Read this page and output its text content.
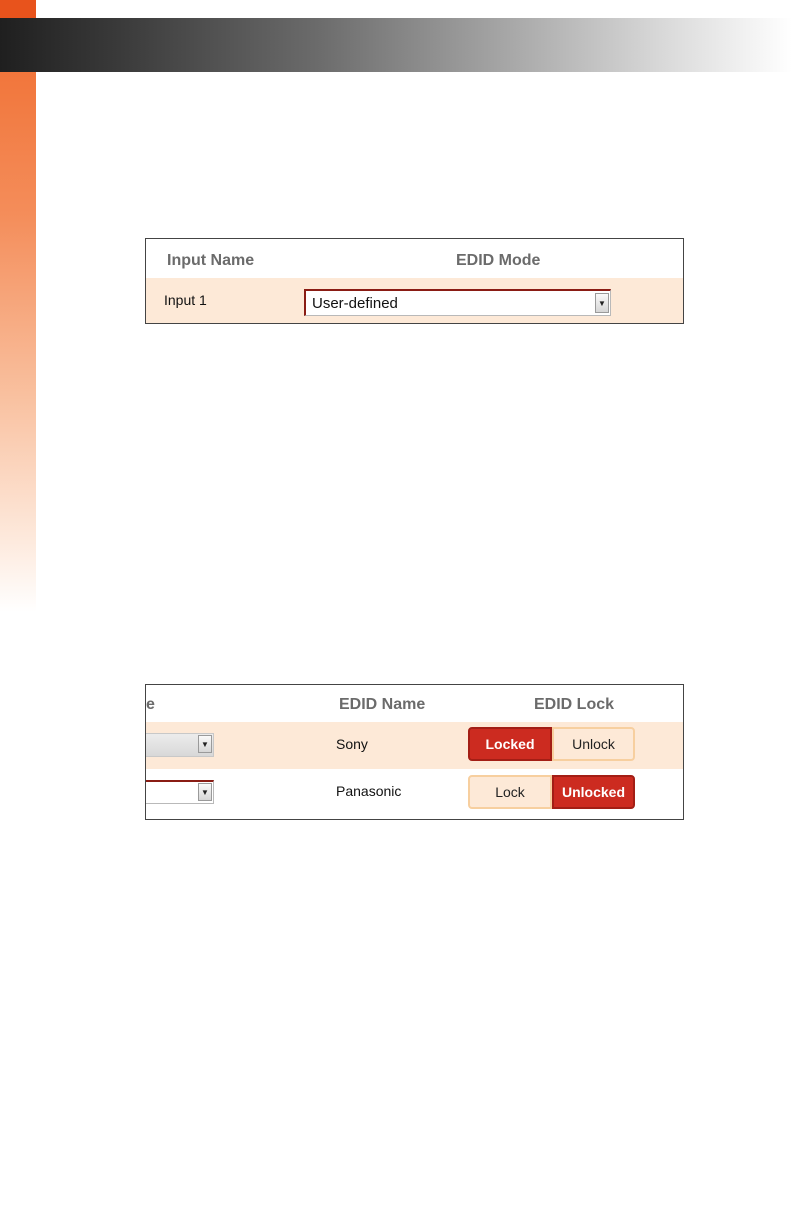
Input Name	EDID Mode
Input 1	User-defined	▼
e	EDID Name	EDID Lock
▼	Sony	Locked	Unlock
▼	Panasonic	Lock	Unlocked
